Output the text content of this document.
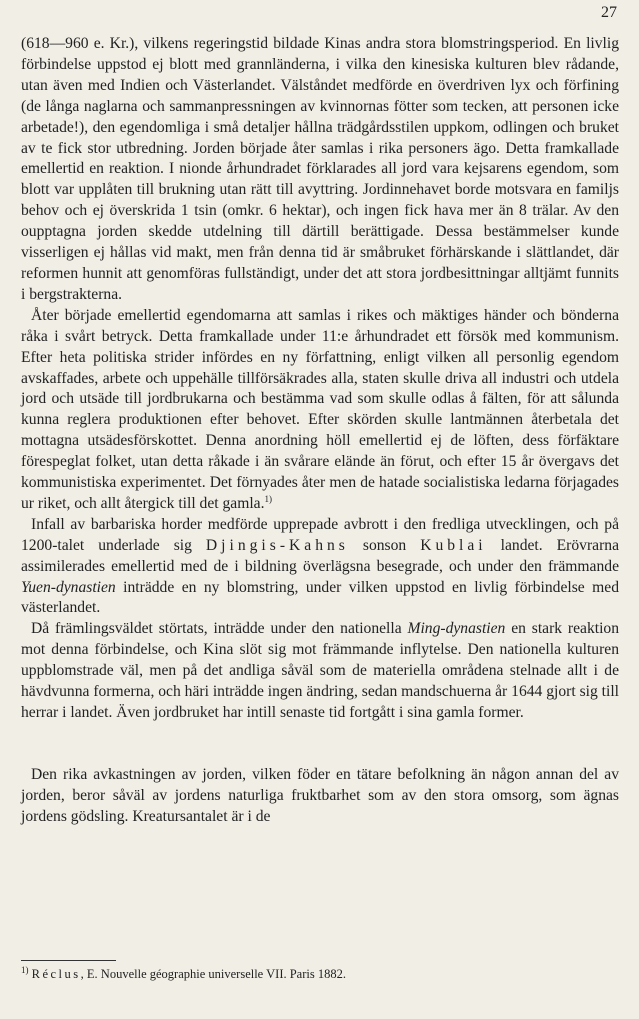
27

(618—960 e. Kr.), vilkens regeringstid bildade Kinas andra stora blomstringsperiod. En livlig förbindelse uppstod ej blott med grannländerna, i vilka den kinesiska kulturen blev rådande, utan även med Indien och Västerlandet. Välståndet medförde en överdriven lyx och förfining (de långa naglarna och sammanpressningen av kvinnornas fötter som tecken, att personen icke arbetade!), den egendomliga i små detaljer hållna trädgårdsstilen uppkom, odlingen och bruket av te fick stor utbredning. Jorden började åter samlas i rika personers ägo. Detta framkallade emellertid en reaktion. I nionde århundradet förklarades all jord vara kejsarens egendom, som blott var upplåten till brukning utan rätt till avyttring. Jordinnehavet borde motsvara en familjs behov och ej överskrida 1 tsin (omkr. 6 hektar), och ingen fick hava mer än 8 trälar. Av den oupptagna jorden skedde utdelning till därtill berättigade. Dessa bestämmelser kunde visserligen ej hållas vid makt, men från denna tid är småbruket förhärskande i slättlandet, där reformen hunnit att genomföras fullständigt, under det att stora jordbesittningar alltjämt funnits i bergstrakterna.

Åter började emellertid egendomarna att samlas i rikes och mäktiges händer och bönderna råka i svårt betryck. Detta framkallade under 11:e århundradet ett försök med kommunism. Efter heta politiska strider infördes en ny författning, enligt vilken all personlig egendom avskaffades, arbete och uppehälle tillförsäkrades alla, staten skulle driva all industri och utdela jord och utsäde till jordbrukarna och bestämma vad som skulle odlas å fälten, för att sålunda kunna reglera produktionen efter behovet. Efter skörden skulle lantmännen återbetala det mottagna utsädesförskottet. Denna anordning höll emellertid ej de löften, dess förfäktare förespeglat folket, utan detta råkade i än svårare elände än förut, och efter 15 år övergavs det kommunistiska experimentet. Det förnyades åter men de hatade socialistiska ledarna förjagades ur riket, och allt återgick till det gamla.$^{1)}$

Infall av barbariska horder medförde upprepade avbrott i den fredliga utvecklingen, och på 1200-talet underlade sig Djingis-Kahns sonson Kublai landet. Erövrarna assimilerades emellertid med de i bildning överlägsna besegrade, och under den främmande Yuen-dynastien inträdde en ny blomstring, under vilken uppstod en livlig förbindelse med västerlandet.

Då främlingsväldet störtats, inträdde under den nationella Ming-dynastien en stark reaktion mot denna förbindelse, och Kina slöt sig mot främmande inflytelse. Den nationella kulturen uppblomstrade väl, men på det andliga såväl som de materiella områdena stelnade allt i de hävdvunna formerna, och häri inträdde ingen ändring, sedan mandschuerna år 1644 gjort sig till herrar i landet. Även jordbruket har intill senaste tid fortgått i sina gamla former.

Den rika avkastningen av jorden, vilken föder en tätare befolkning än någon annan del av jorden, beror såväl av jordens naturliga fruktbarhet som av den stora omsorg, som ägnas jordens gödsling. Kreatursantalet är i de

$^{1)}$ Réclus, E. Nouvelle géographie universelle VII. Paris 1882.
